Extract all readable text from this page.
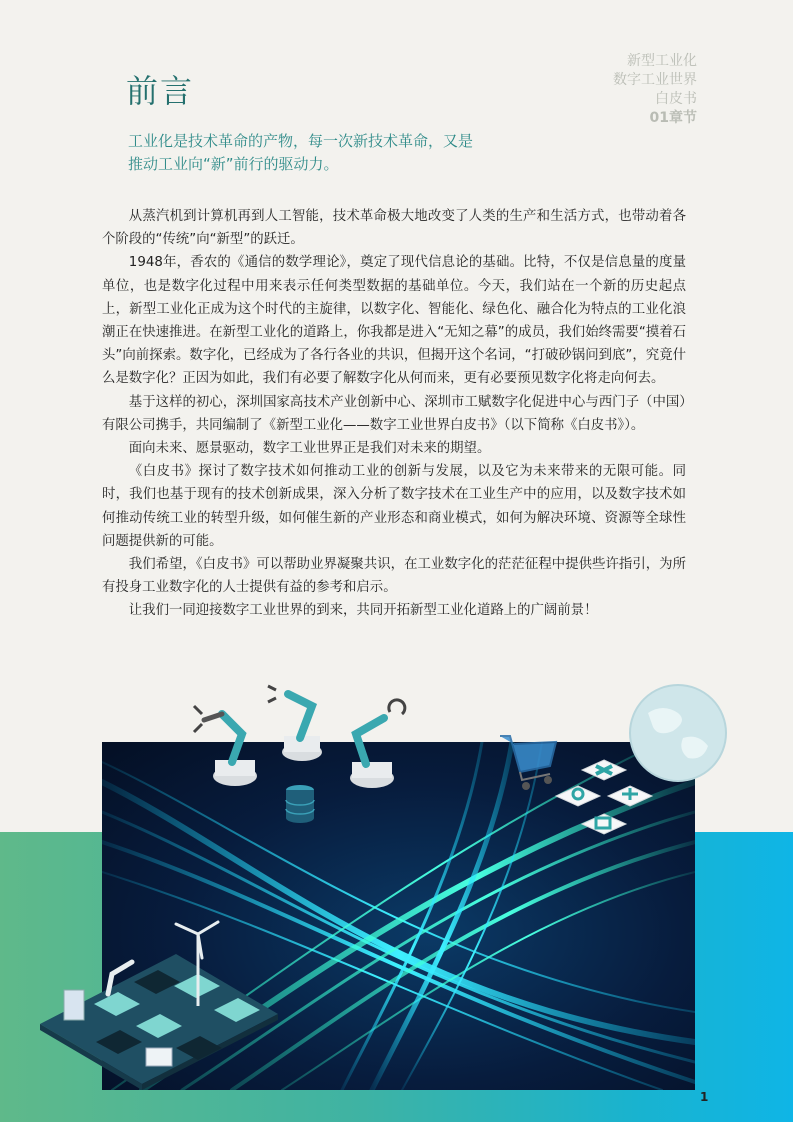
新型工业化
数字工业世界
白皮书
01章节
前言
工业化是技术革命的产物，每一次新技术革命，又是
推动工业向“新”前行的驱动力。

从蒸汽机到计算机再到人工智能，技术革命极大地改变了人类的生产和生活方式，也带动着各个阶段的“传统”向“新型”的跃迁。

1948年，香农的《通信的数学理论》，奠定了现代信息论的基础。比特，不仅是信息量的度量单位，也是数字化过程中用来表示任何类型数据的基础单位。今天，我们站在一个新的历史起点上，新型工业化正成为这个时代的主旋律，以数字化、智能化、绿色化、融合化为特点的工业化浪潮正在快速推进。在新型工业化的道路上，你我都是进入“无知之幕”的成员，我们始终需要“摸着石头”向前探索。数字化，已经成为了各行各业的共识，但揭开这个名词，“打破砂锅问到底”，究竟什么是数字化？正因为如此，我们有必要了解数字化从何而来，更有必要预见数字化将走向何去。

基于这样的初心，深圳国家高技术产业创新中心、深圳市工赋数字化促进中心与西门子（中国）有限公司携手，共同编制了《新型工业化——数字工业世界白皮书》（以下简称《白皮书》）。

面向未来、愿景驱动，数字工业世界正是我们对未来的期望。

《白皮书》探讨了数字技术如何推动工业的创新与发展，以及它为未来带来的无限可能。同时，我们也基于现有的技术创新成果，深入分析了数字技术在工业生产中的应用，以及数字技术如何推动传统工业的转型升级，如何催生新的产业形态和商业模式，如何为解决环境、资源等全球性问题提供新的可能。

我们希望，《白皮书》可以帮助业界凝聚共识，在工业数字化的茫茫征程中提供些许指引，为所有投身工业数字化的人士提供有益的参考和启示。

让我们一同迎接数字工业世界的到来，共同开拓新型工业化道路上的广阔前景！

1
